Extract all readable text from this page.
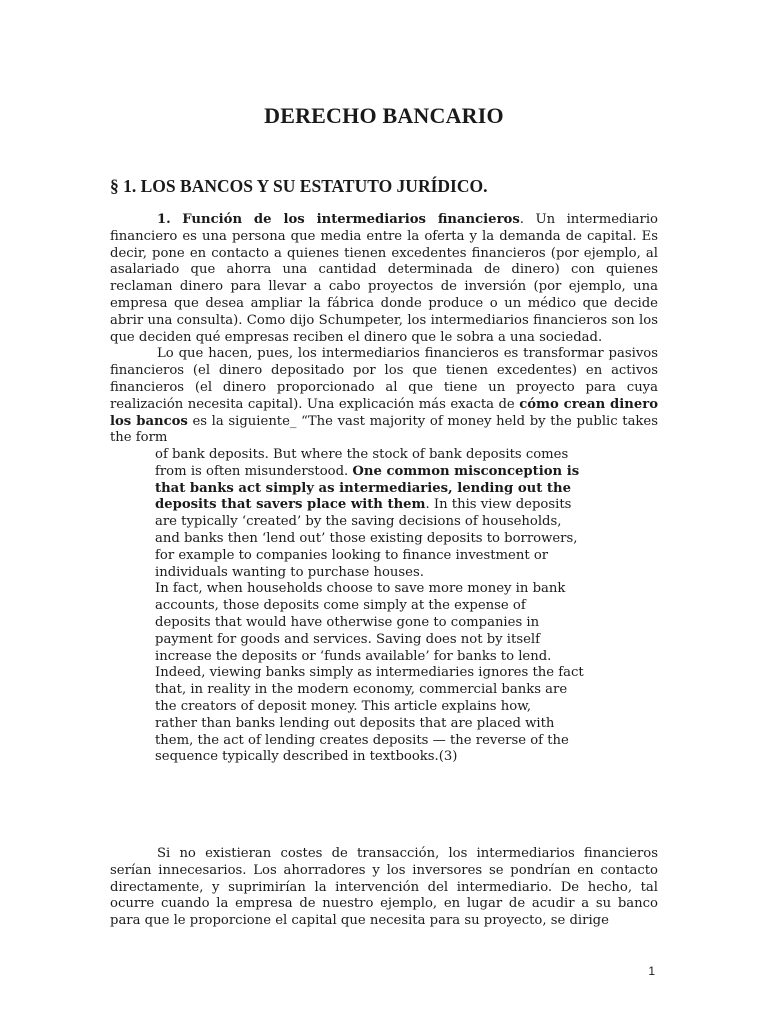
DERECHO BANCARIO
§ 1. LOS BANCOS Y SU ESTATUTO JURÍDICO.

1. Función de los intermediarios financieros. Un intermediario financiero es una persona que media entre la oferta y la demanda de capital. Es decir, pone en contacto a quienes tienen excedentes financieros (por ejemplo, al asalariado que ahorra una cantidad determinada de dinero) con quienes reclaman dinero para llevar a cabo proyectos de inversión (por ejemplo, una empresa que desea ampliar la fábrica donde produce o un médico que decide abrir una consulta). Como dijo Schumpeter, los intermediarios financieros son los que deciden qué empresas reciben el dinero que le sobra a una sociedad.

Lo que hacen, pues, los intermediarios financieros es transformar pasivos financieros (el dinero depositado por los que tienen excedentes) en activos financieros (el dinero proporcionado al que tiene un proyecto para cuya realización necesita capital). Una explicación más exacta de cómo crean dinero los bancos es la siguiente_ “The vast majority of money held by the public takes the form

of bank deposits. But where the stock of bank deposits comes
from is often misunderstood. One common misconception is
that banks act simply as intermediaries, lending out the
deposits that savers place with them. In this view deposits
are typically ‘created’ by the saving decisions of households,
and banks then ‘lend out’ those existing deposits to borrowers,
for example to companies looking to finance investment or
individuals wanting to purchase houses.
In fact, when households choose to save more money in bank
accounts, those deposits come simply at the expense of
deposits that would have otherwise gone to companies in
payment for goods and services. Saving does not by itself
increase the deposits or ‘funds available’ for banks to lend.
Indeed, viewing banks simply as intermediaries ignores the fact
that, in reality in the modern economy, commercial banks are
the creators of deposit money. This article explains how,
rather than banks lending out deposits that are placed with
them, the act of lending creates deposits — the reverse of the
sequence typically described in textbooks.(3)

Si no existieran costes de transacción, los intermediarios financieros serían innecesarios. Los ahorradores y los inversores se pondrían en contacto directamente, y suprimirían la intervención del intermediario. De hecho, tal ocurre cuando la empresa de nuestro ejemplo, en lugar de acudir a su banco para que le proporcione el capital que necesita para su proyecto, se dirige

1
